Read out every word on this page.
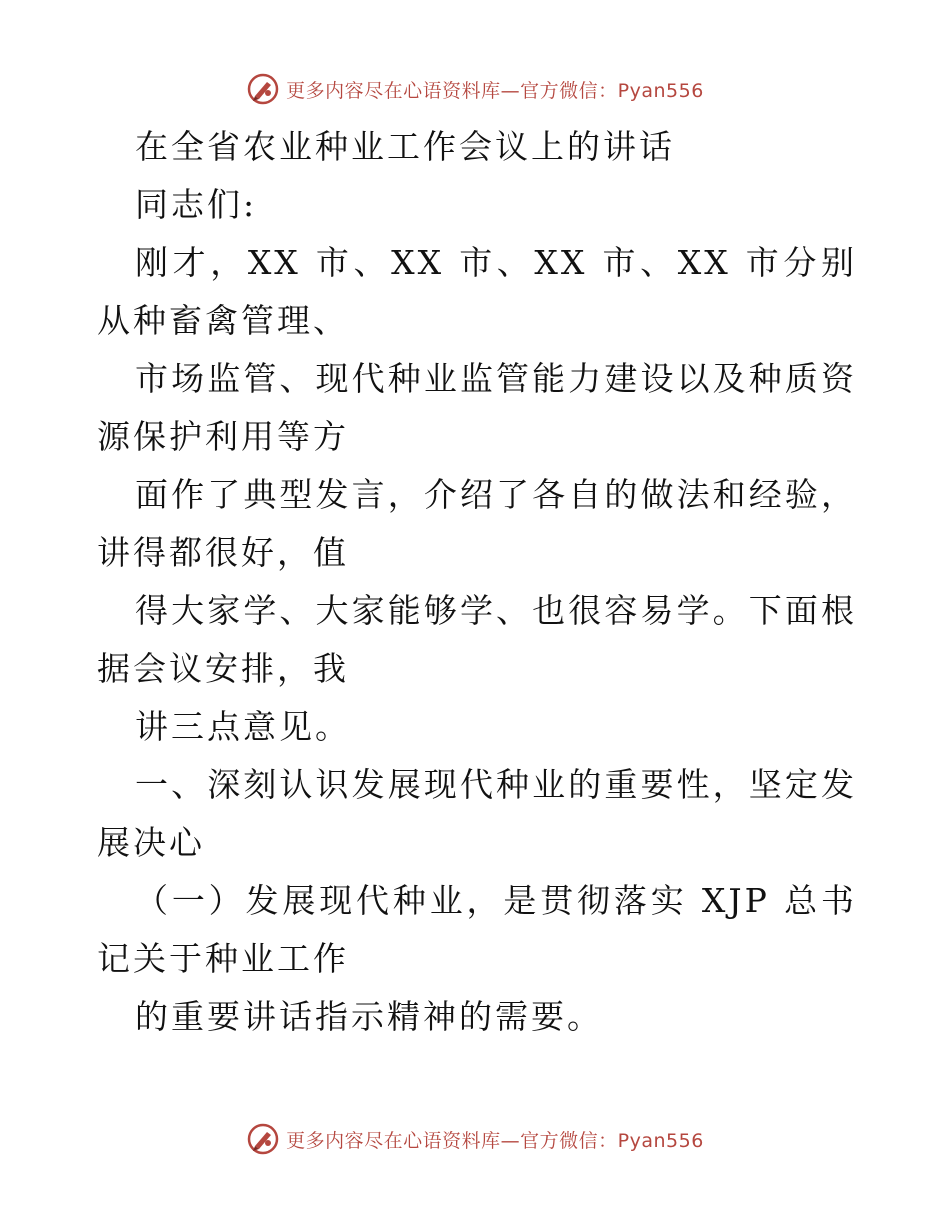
更多内容尽在心语资料库—官方微信：Pyan556

在全省农业种业工作会议上的讲话

同志们:

刚才，XX 市、XX 市、XX 市、XX 市分别从种畜禽管理、

市场监管、现代种业监管能力建设以及种质资源保护利用等方

面作了典型发言，介绍了各自的做法和经验，讲得都很好，值

得大家学、大家能够学、也很容易学。下面根据会议安排，我

讲三点意见。

一、深刻认识发展现代种业的重要性，坚定发展决心

（一）发展现代种业，是贯彻落实 XJP 总书记关于种业工作

的重要讲话指示精神的需要。

更多内容尽在心语资料库—官方微信：Pyan556
